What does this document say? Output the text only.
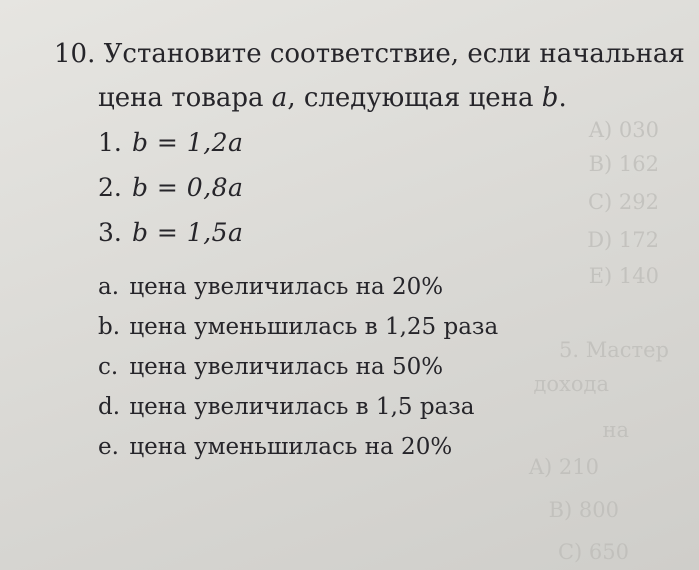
A) 030
B) 162
C) 292
D) 172
E) 140
5. Мастер
дохода
на
A) 210
B) 800
C) 650
10. Установите соответствие, если начальная
цена товара a, следующая цена b.
1. b = 1,2a
2. b = 0,8a
3. b = 1,5a
a. цена увеличилась на 20%
b. цена уменьшилась в 1,25 раза
c. цена увеличилась на 50%
d. цена увеличилась в 1,5 раза
e. цена уменьшилась на 20%
